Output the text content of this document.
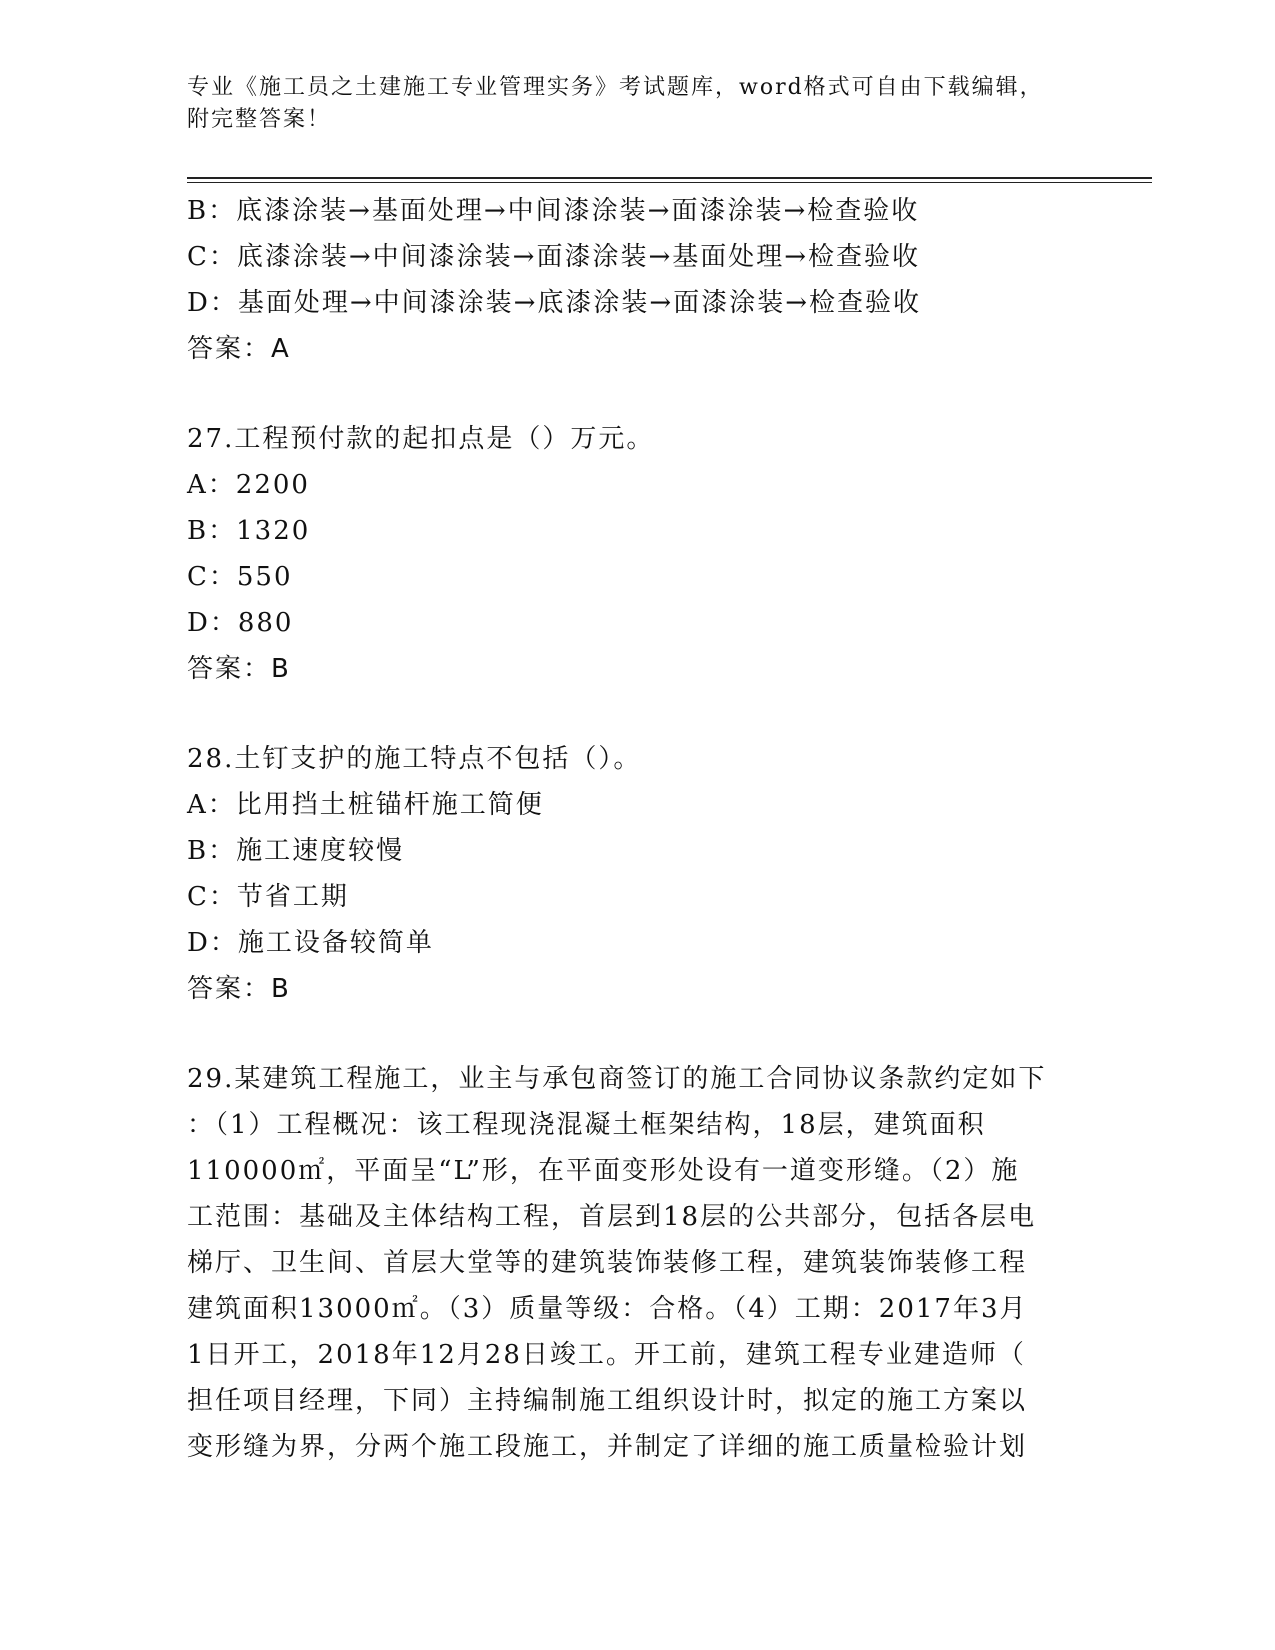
专业《施工员之土建施工专业管理实务》考试题库，word格式可自由下载编辑，
附完整答案！
B：底漆涂装→基面处理→中间漆涂装→面漆涂装→检查验收
C：底漆涂装→中间漆涂装→面漆涂装→基面处理→检查验收
D：基面处理→中间漆涂装→底漆涂装→面漆涂装→检查验收
答案：A
27.工程预付款的起扣点是（）万元。
A：2200
B：1320
C：550
D：880
答案：B
28.土钉支护的施工特点不包括（）。
A：比用挡土桩锚杆施工简便
B：施工速度较慢
C：节省工期
D：施工设备较简单
答案：B
29.某建筑工程施工，业主与承包商签订的施工合同协议条款约定如下
：（1）工程概况：该工程现浇混凝土框架结构，18层，建筑面积
110000㎡，平面呈“L”形，在平面变形处设有一道变形缝。（2）施
工范围：基础及主体结构工程，首层到18层的公共部分，包括各层电
梯厅、卫生间、首层大堂等的建筑装饰装修工程，建筑装饰装修工程
建筑面积13000㎡。（3）质量等级：合格。（4）工期：2017年3月
1日开工，2018年12月28日竣工。开工前，建筑工程专业建造师（
担任项目经理，下同）主持编制施工组织设计时，拟定的施工方案以
变形缝为界，分两个施工段施工，并制定了详细的施工质量检验计划
